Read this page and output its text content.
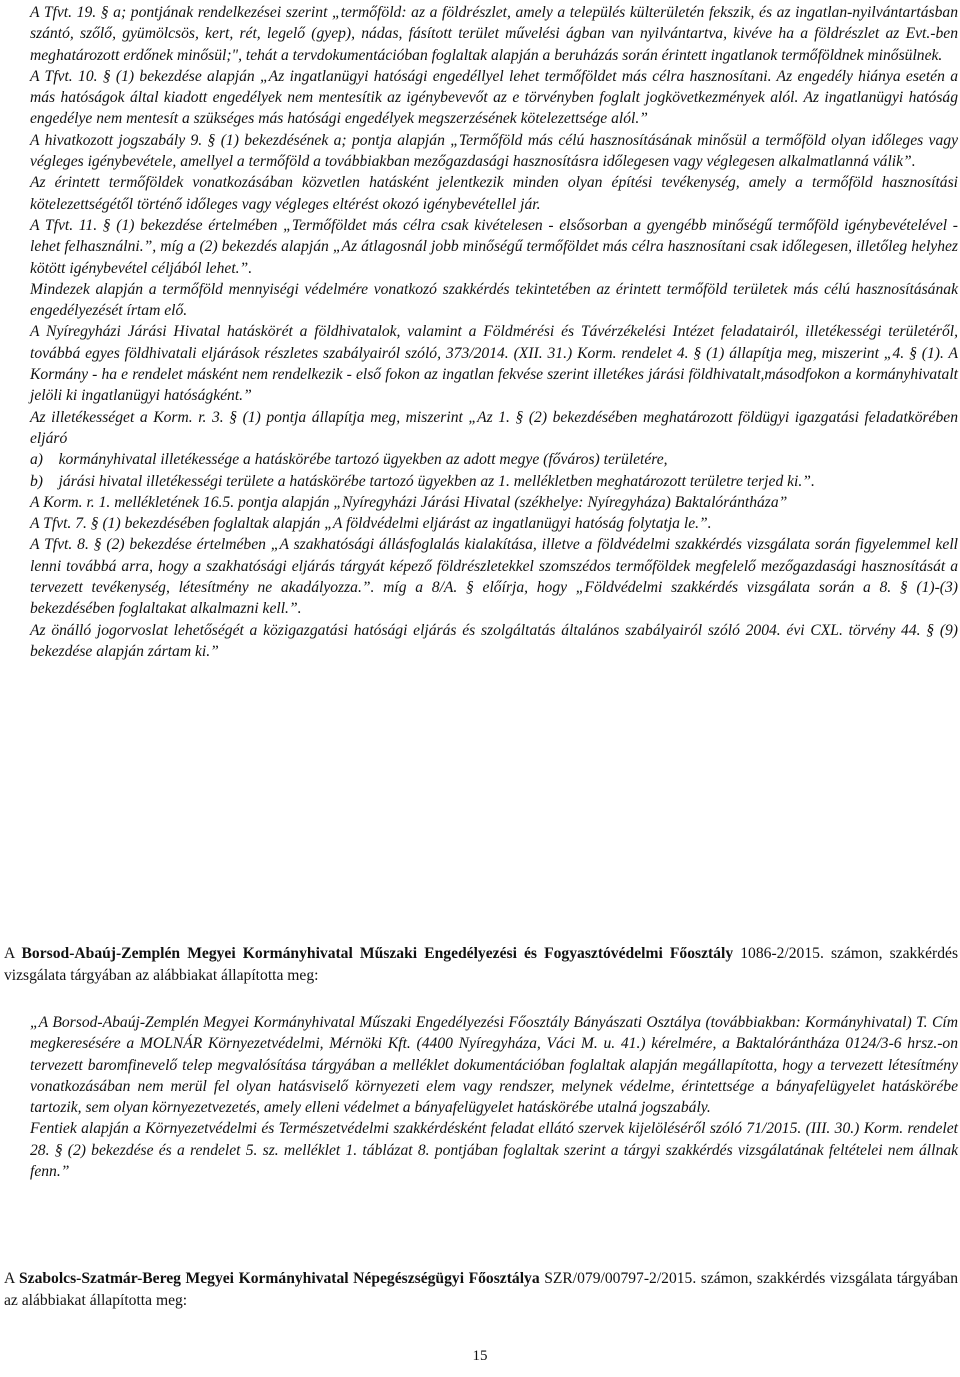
A Tfvt. 19. § a; pontjának rendelkezései szerint „termőföld: az a földrészlet, amely a település külterületén fekszik, és az ingatlan-nyilvántartásban szántó, szőlő, gyümölcsös, kert, rét, legelő (gyep), nádas, fásított terület művelési ágban van nyilvántartva, kivéve ha a földrészlet az Evt.-ben meghatározott erdőnek minősül;", tehát a tervdokumentációban foglaltak alapján a beruházás során érintett ingatlanok termőföldnek minősülnek.

A Tfvt. 10. § (1) bekezdése alapján „Az ingatlanügyi hatósági engedéllyel lehet termőföldet más célra hasznosítani. Az engedély hiánya esetén a más hatóságok által kiadott engedélyek nem mentesítik az igénybevevőt az e törvényben foglalt jogkövetkezmények alól. Az ingatlanügyi hatóság engedélye nem mentesít a szükséges más hatósági engedélyek megszerzésének kötelezettsége alól.”

A hivatkozott jogszabály 9. § (1) bekezdésének a; pontja alapján „Termőföld más célú hasznosításának minősül a termőföld olyan időleges vagy végleges igénybevétele, amellyel a termőföld a továbbiakban mezőgazdasági hasznosításra időlegesen vagy véglegesen alkalmatlanná válik”.

Az érintett termőföldek vonatkozásában közvetlen hatásként jelentkezik minden olyan építési tevékenység, amely a termőföld hasznosítási kötelezettségétől történő időleges vagy végleges eltérést okozó igénybevétellel jár.

A Tfvt. 11. § (1) bekezdése értelmében „Termőföldet más célra csak kivételesen - elsősorban a gyengébb minőségű termőföld igénybevételével - lehet felhasználni.”, míg a (2) bekezdés alapján „Az átlagosnál jobb minőségű termőföldet más célra hasznosítani csak időlegesen, illetőleg helyhez kötött igénybevétel céljából lehet.”.

Mindezek alapján a termőföld mennyiségi védelmére vonatkozó szakkérdés tekintetében az érintett termőföld területek más célú hasznosításának engedélyezését írtam elő.

A Nyíregyházi Járási Hivatal hatáskörét a földhivatalok, valamint a Földmérési és Távérzékelési Intézet feladatairól, illetékességi területéről, továbbá egyes földhivatali eljárások részletes szabályairól szóló, 373/2014. (XII. 31.) Korm. rendelet 4. § (1) állapítja meg, miszerint „4. § (1). A Kormány - ha e rendelet másként nem rendelkezik - első fokon az ingatlan fekvése szerint illetékes járási földhivatalt,másodfokon a kormányhivatalt jelöli ki ingatlanügyi hatóságként.”

Az illetékességet a Korm. r. 3. § (1) pontja állapítja meg, miszerint „Az 1. § (2) bekezdésében meghatározott földügyi igazgatási feladatkörében eljáró

a) kormányhivatal illetékessége a hatáskörébe tartozó ügyekben az adott megye (főváros) területére,

b) járási hivatal illetékességi területe a hatáskörébe tartozó ügyekben az 1. mellékletben meghatározott területre terjed ki.”.

A Korm. r. 1. mellékletének 16.5. pontja alapján „Nyíregyházi Járási Hivatal (székhelye: Nyíregyháza) Baktalórántháza”

A Tfvt. 7. § (1) bekezdésében foglaltak alapján „A földvédelmi eljárást az ingatlanügyi hatóság folytatja le.”.

A Tfvt. 8. § (2) bekezdése értelmében „A szakhatósági állásfoglalás kialakítása, illetve a földvédelmi szakkérdés vizsgálata során figyelemmel kell lenni továbbá arra, hogy a szakhatósági eljárás tárgyát képező földrészletekkel szomszédos termőföldek megfelelő mezőgazdasági hasznosítását a tervezett tevékenység, létesítmény ne akadályozza.”. míg a 8/A. § előírja, hogy „Földvédelmi szakkérdés vizsgálata során a 8. § (1)-(3) bekezdésében foglaltakat alkalmazni kell.”.

Az önálló jogorvoslat lehetőségét a közigazgatási hatósági eljárás és szolgáltatás általános szabályairól szóló 2004. évi CXL. törvény 44. § (9) bekezdése alapján zártam ki.”

A Borsod-Abaúj-Zemplén Megyei Kormányhivatal Műszaki Engedélyezési és Fogyasztóvédelmi Főosztály 1086-2/2015. számon, szakkérdés vizsgálata tárgyában az alábbiakat állapította meg:

„A Borsod-Abaúj-Zemplén Megyei Kormányhivatal Műszaki Engedélyezési Főosztály Bányászati Osztálya (továbbiakban: Kormányhivatal) T. Cím megkeresésére a MOLNÁR Környezetvédelmi, Mérnöki Kft. (4400 Nyíregyháza, Váci M. u. 41.) kérelmére, a Baktalórántháza 0124/3-6 hrsz.-on tervezett baromfinevelő telep megvalósítása tárgyában a melléklet dokumentációban foglaltak alapján megállapította, hogy a tervezett létesítmény vonatkozásában nem merül fel olyan hatásviselő környezeti elem vagy rendszer, melynek védelme, érintettsége a bányafelügyelet hatáskörébe tartozik, sem olyan környezetvezetés, amely elleni védelmet a bányafelügyelet hatáskörébe utalná jogszabály.

Fentiek alapján a Környezetvédelmi és Természetvédelmi szakkérdésként feladat ellátó szervek kijelöléséről szóló 71/2015. (III. 30.) Korm. rendelet 28. § (2) bekezdése és a rendelet 5. sz. melléklet 1. táblázat 8. pontjában foglaltak szerint a tárgyi szakkérdés vizsgálatának feltételei nem állnak fenn.”

A Szabolcs-Szatmár-Bereg Megyei Kormányhivatal Népegészségügyi Főosztálya SZR/079/00797-2/2015. számon, szakkérdés vizsgálata tárgyában az alábbiakat állapította meg:

15
